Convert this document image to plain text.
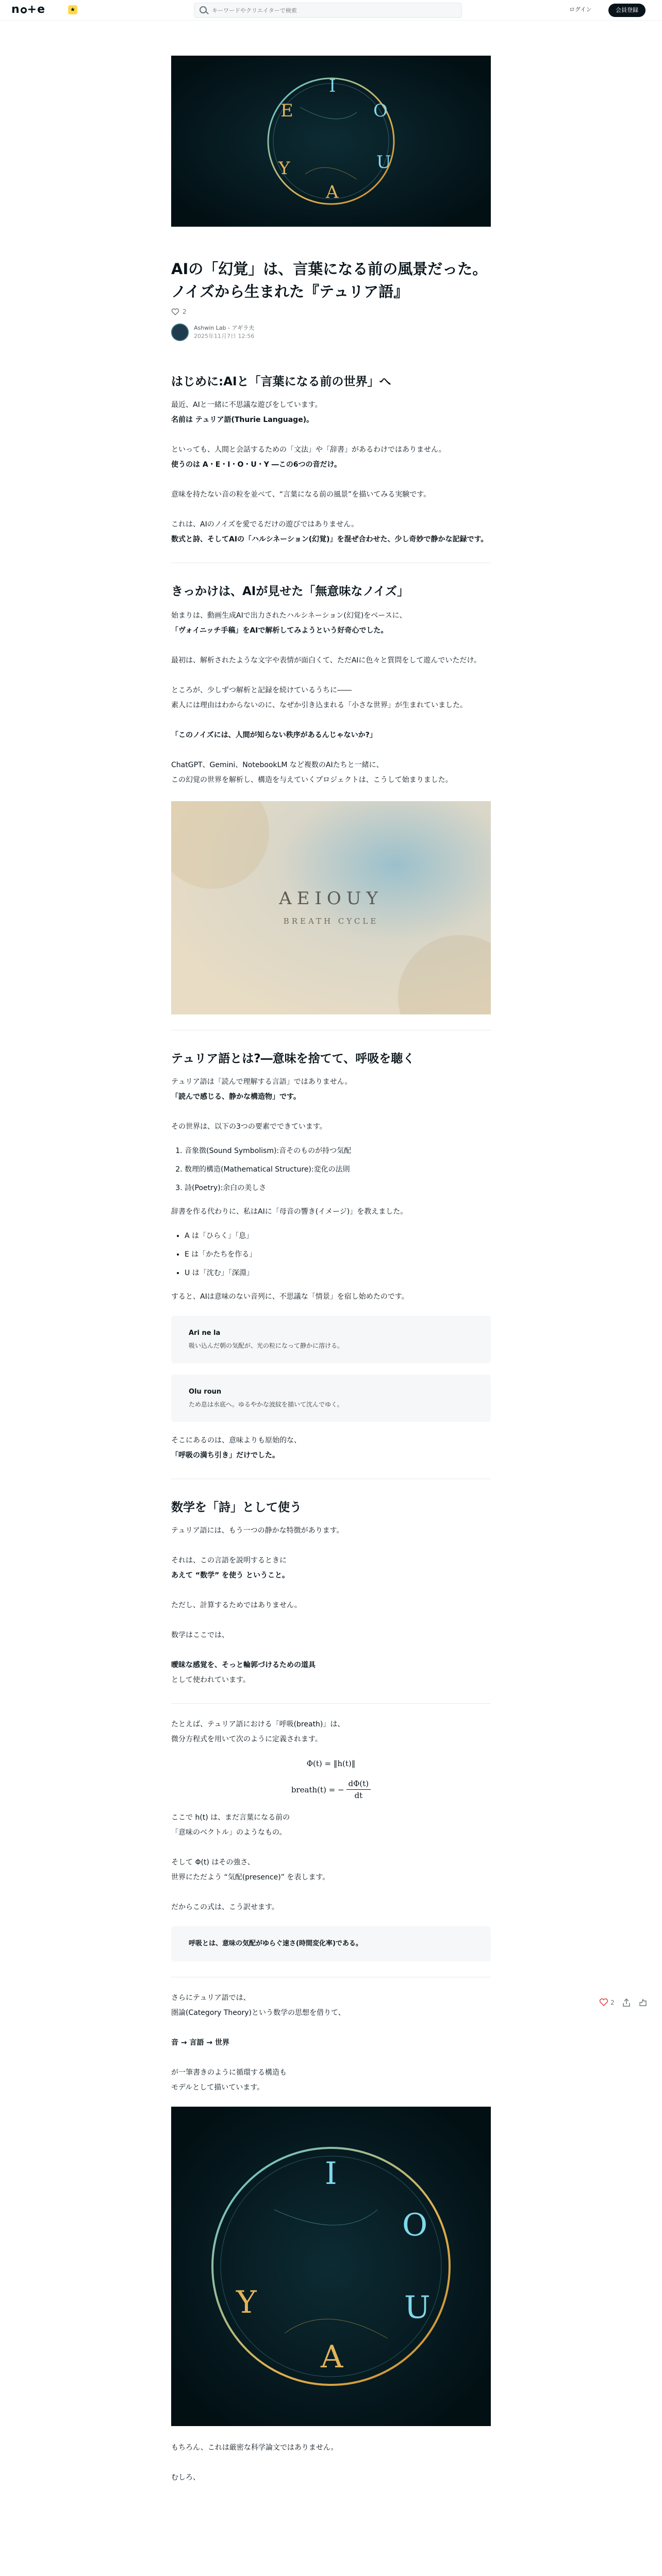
n +e	★
キーワードやクリエイターで検索	ログイン	会員登録
I
O
U
A
Y
E
AIの「幻覚」は、言葉になる前の風景だった。ノイズから生まれた『テュリア語』
2
Ashwin Lab - アギラ夫
2025年11月7日 12:56
はじめに:AIと「言葉になる前の世界」へ

最近、AIと一緒に不思議な遊びをしています。

名前は テュリア語(Thurie Language)。

といっても、人間と会話するための「文法」や「辞書」があるわけではありません。

使うのは A・E・I・O・U・Y ―この6つの音だけ。

意味を持たない音の粒を並べて、“言葉になる前の風景”を描いてみる実験です。

これは、AIのノイズを愛でるだけの遊びではありません。

数式と詩、そしてAIの「ハルシネーション(幻覚)」を混ぜ合わせた、少し奇妙で静かな記録です。

きっかけは、AIが見せた「無意味なノイズ」

始まりは、動画生成AIで出力されたハルシネーション(幻覚)をベースに、

「ヴォイニッチ手稿」をAIで解析してみようという好奇心でした。

最初は、解析されたような文字や表情が面白くて、ただAIに色々と質問をして遊んでいただけ。

ところが、少しずつ解析と記録を続けているうちに――

素人には理由はわからないのに、なぜか引き込まれる「小さな世界」が生まれていました。

「このノイズには、人間が知らない秩序があるんじゃないか?」

ChatGPT、Gemini、NotebookLM など複数のAIたちと一緒に、

この幻覚の世界を解析し、構造を与えていくプロジェクトは、こうして始まりました。

AEIOUY
BREATH CYCLE
テュリア語とは?―意味を捨てて、呼吸を聴く

テュリア語は「読んで理解する言語」ではありません。

「読んで感じる、静かな構造物」です。

その世界は、以下の3つの要素でできています。

1. 音象徴(Sound Symbolism):音そのものが持つ気配
2. 数理的構造(Mathematical Structure):変化の法則
3. 詩(Poetry):余白の美しさ

辞書を作る代わりに、私はAIに「母音の響き(イメージ)」を教えました。

• A は「ひらく」「息」
• E は「かたちを作る」
• U は「沈む」「深淵」

すると、AIは意味のない音列に、不思議な「情景」を宿し始めたのです。

Ari ne la
吸い込んだ朝の気配が、光の粒になって静かに溶ける。
Olu roun
ため息は水底へ。ゆるやかな波紋を描いて沈んでゆく。

そこにあるのは、意味よりも原始的な、

「呼吸の満ち引き」だけでした。

数学を「詩」として使う

テュリア語には、もう一つの静かな特徴があります。

それは、この言語を説明するときに

あえて “数学” を使う ということ。

ただし、計算するためではありません。

数学はここでは、

曖昧な感覚を、そっと輪郭づけるための道具

として使われています。

たとえば、テュリア語における「呼吸(breath)」は、

微分方程式を用いて次のように定義されます。

Φ(t) = ‖h(t)‖
breath(t) = − $\frac{d\Phi(t)}{dt}$

ここで h(t) は、まだ言葉になる前の

「意味のベクトル」のようなもの。

そして Φ(t) はその強さ、

世界にただよう “気配(presence)” を表します。

だからこの式は、こう訳せます。

呼吸とは、意味の気配がゆらぐ速さ(時間変化率)である。

さらにテュリア語では、

圏論(Category Theory)という数学の思想を借りて、

音 → 言語 → 世界

が一筆書きのように循環する構造も

モデルとして描いています。

I
O
U
A
Y

もちろん、これは厳密な科学論文ではありません。

むしろ、

2
